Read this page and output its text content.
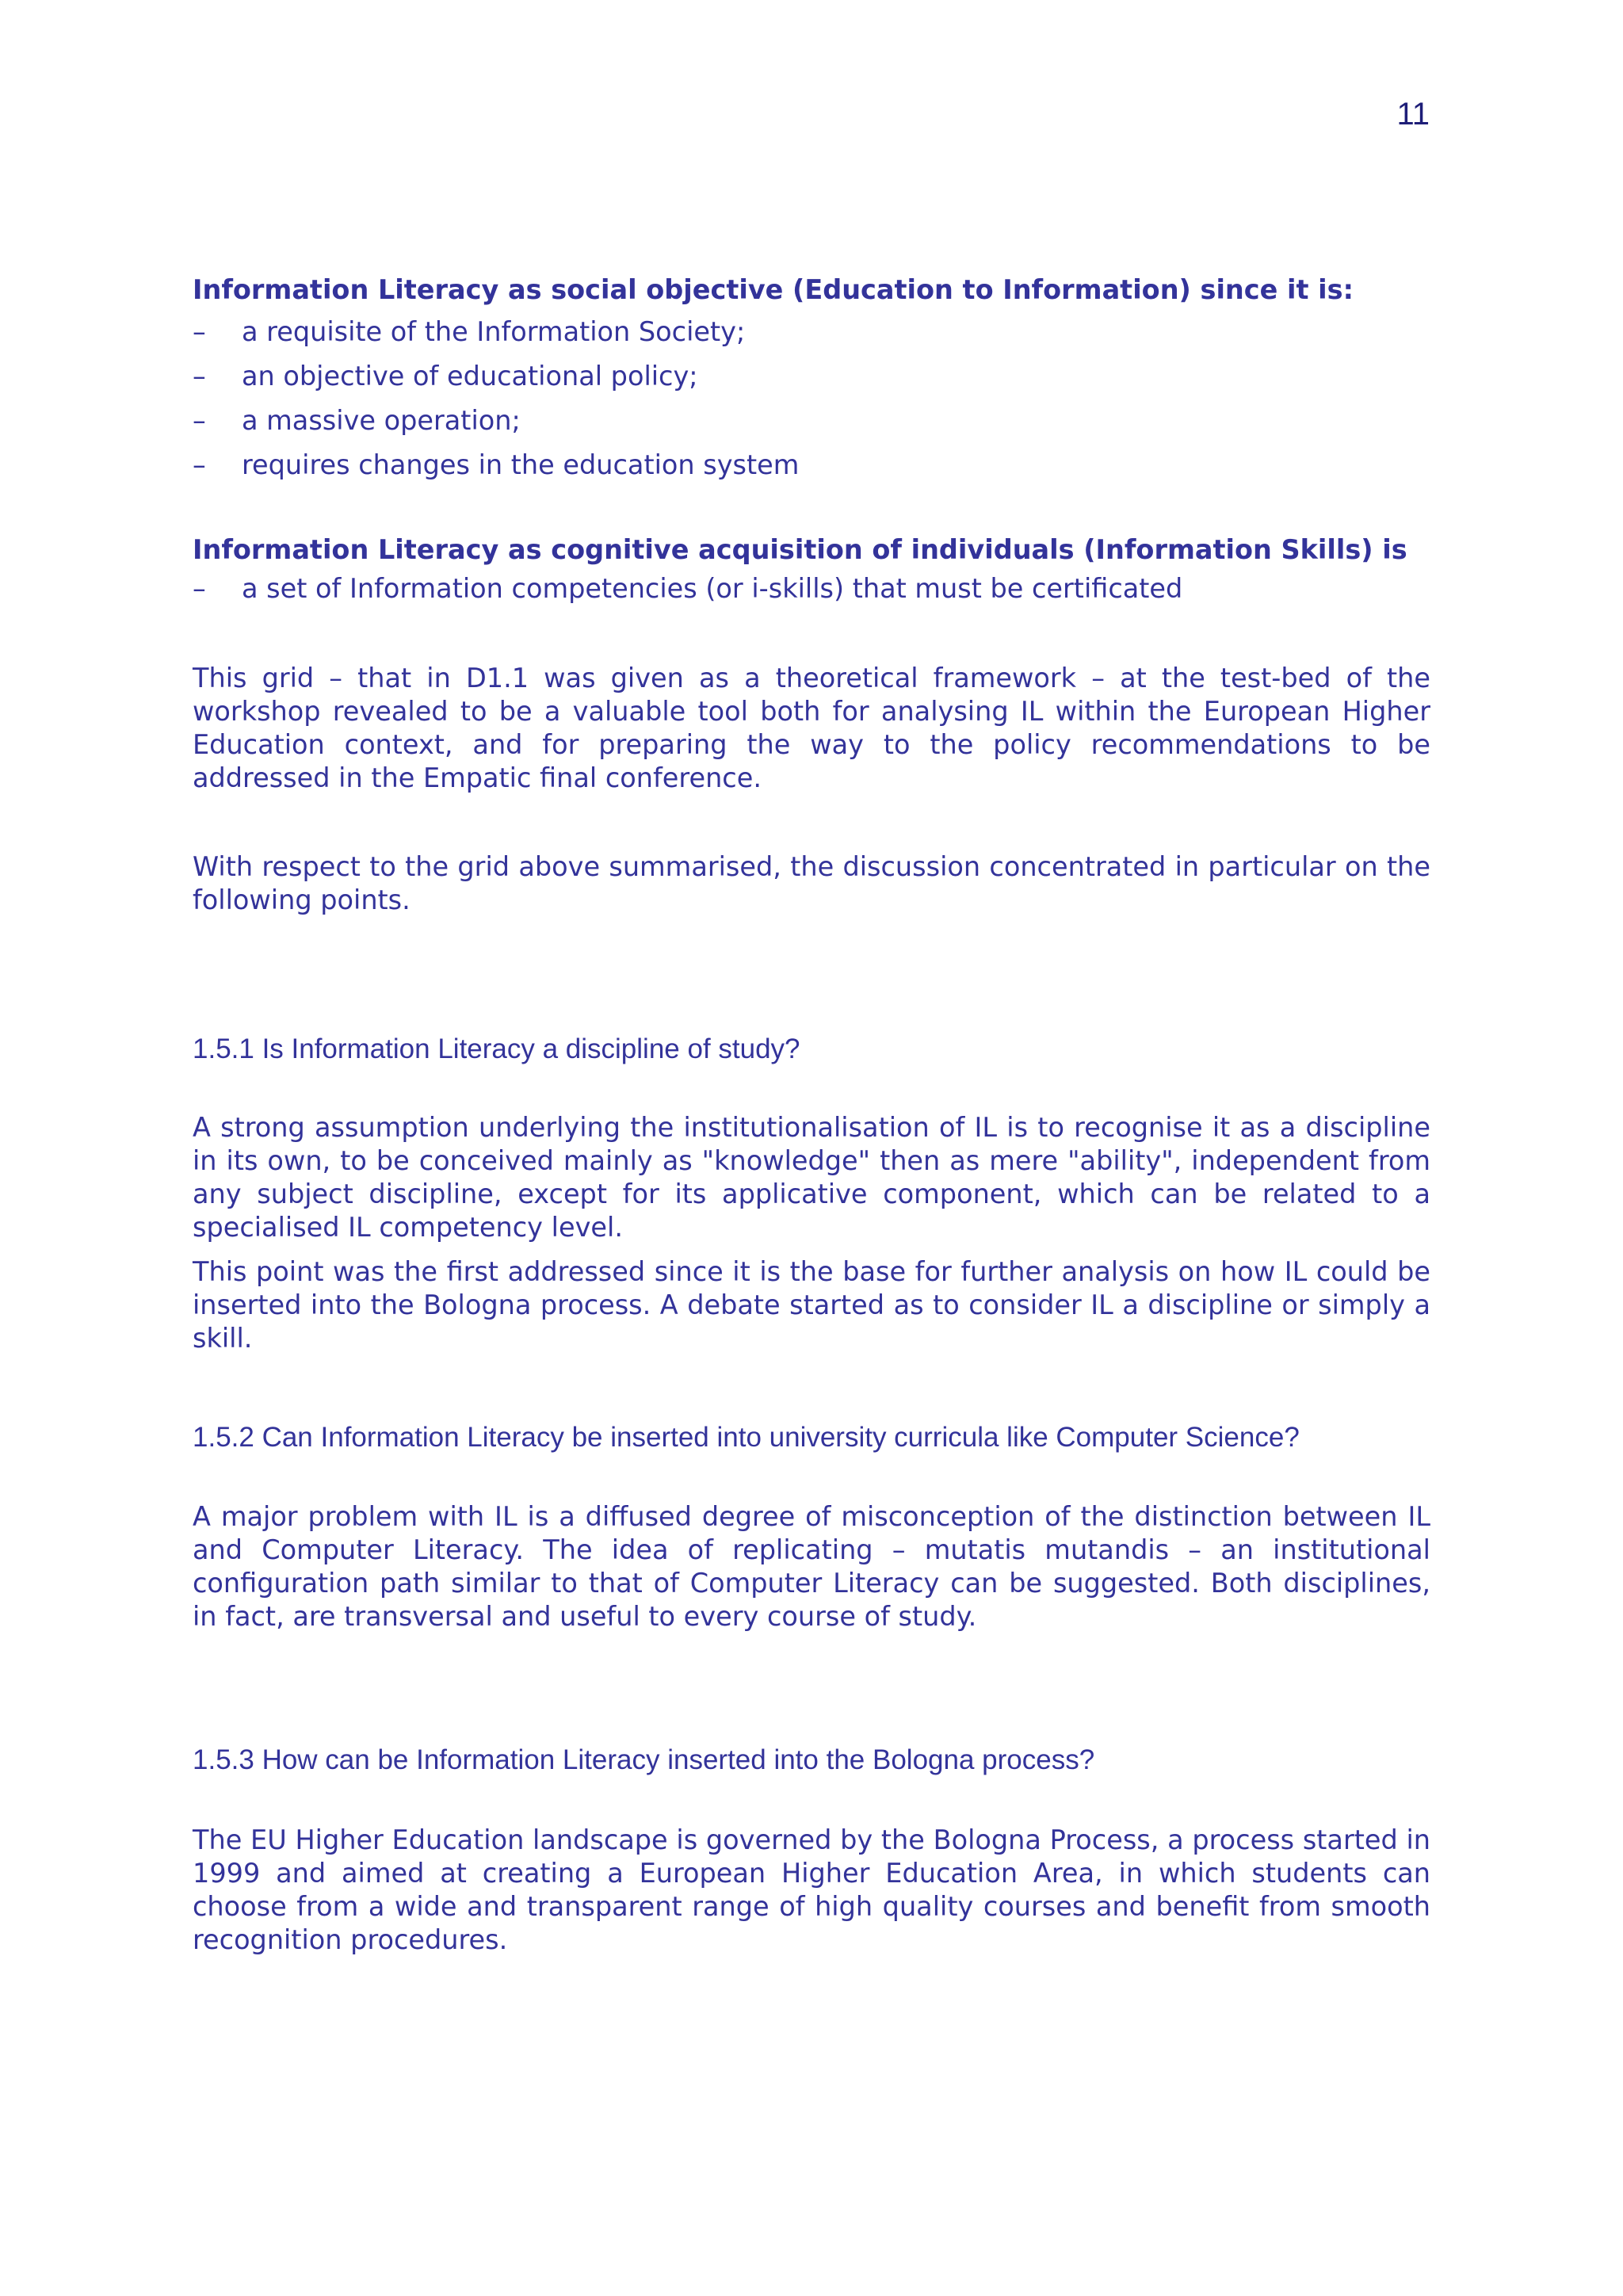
11

Information Literacy as social objective (Education to Information) since it is:

– a requisite of the Information Society;
– an objective of educational policy;
– a massive operation;
– requires changes in the education system

Information Literacy as cognitive acquisition of individuals (Information Skills) is

– a set of Information competencies (or i-skills) that must be certificated

This grid – that in D1.1 was given as a theoretical framework – at the test-bed of the workshop revealed to be a valuable tool both for analysing IL within the European Higher Education context, and for preparing the way to the policy recommendations to be addressed in the Empatic final conference.

With respect to the grid above summarised, the discussion concentrated in particular on the following points.

1.5.1 Is Information Literacy a discipline of study?

A strong assumption underlying the institutionalisation of IL is to recognise it as a discipline in its own, to be conceived mainly as "knowledge" then as mere "ability", independent from any subject discipline, except for its applicative component, which can be related to a specialised IL competency level.

This point was the first addressed since it is the base for further analysis on how IL could be inserted into the Bologna process. A debate started as to consider IL a discipline or simply a skill.

1.5.2 Can Information Literacy be inserted into university curricula like Computer Science?

A major problem with IL is a diffused degree of misconception of the distinction between IL and Computer Literacy. The idea of replicating – mutatis mutandis – an institutional configuration path similar to that of Computer Literacy can be suggested. Both disciplines, in fact, are transversal and useful to every course of study.

1.5.3 How can be Information Literacy inserted into the Bologna process?

The EU Higher Education landscape is governed by the Bologna Process, a process started in 1999 and aimed at creating a European Higher Education Area, in which students can choose from a wide and transparent range of high quality courses and benefit from smooth recognition procedures.
